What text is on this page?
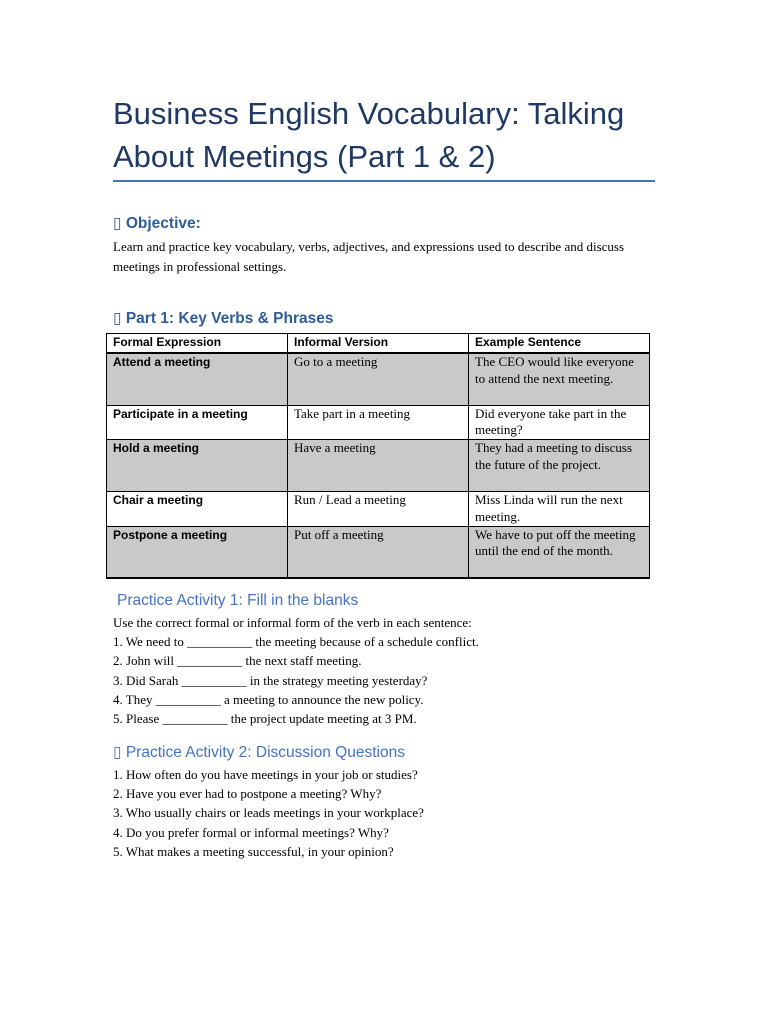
Business English Vocabulary: Talking About Meetings (Part 1 & 2)
▯ Objective:
Learn and practice key vocabulary, verbs, adjectives, and expressions used to describe and discuss meetings in professional settings.
▯ Part 1: Key Verbs & Phrases
Formal Expression	Informal Version	Example Sentence
Attend a meeting	Go to a meeting	The CEO would like everyone to attend the next meeting.
Participate in a meeting	Take part in a meeting	Did everyone take part in the meeting?
Hold a meeting	Have a meeting	They had a meeting to discuss the future of the project.
Chair a meeting	Run / Lead a meeting	Miss Linda will run the next meeting.
Postpone a meeting	Put off a meeting	We have to put off the meeting until the end of the month.
Practice Activity 1: Fill in the blanks
Use the correct formal or informal form of the verb in each sentence:
1. We need to __________ the meeting because of a schedule conflict.
2. John will __________ the next staff meeting.
3. Did Sarah __________ in the strategy meeting yesterday?
4. They __________ a meeting to announce the new policy.
5. Please __________ the project update meeting at 3 PM.
▯ Practice Activity 2: Discussion Questions
1. How often do you have meetings in your job or studies?
2. Have you ever had to postpone a meeting? Why?
3. Who usually chairs or leads meetings in your workplace?
4. Do you prefer formal or informal meetings? Why?
5. What makes a meeting successful, in your opinion?
